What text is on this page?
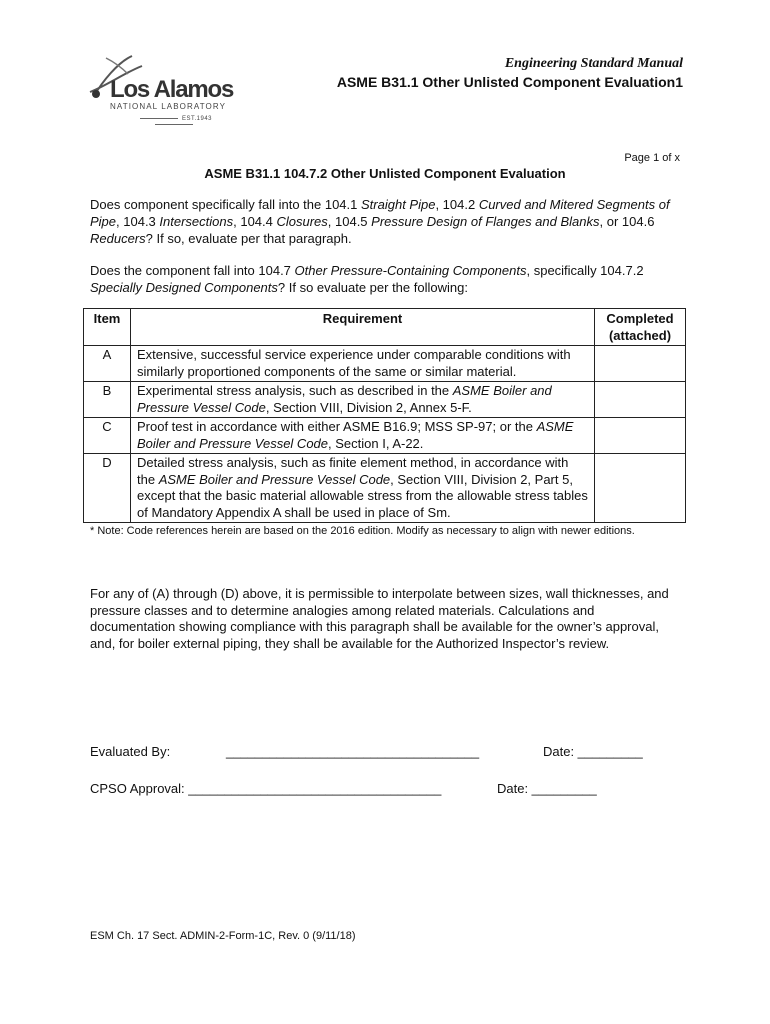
Los Alamos
NATIONAL LABORATORY
EST.1943
Engineering Standard Manual
ASME B31.1 Other Unlisted Component Evaluation1
Page 1 of x
ASME B31.1 104.7.2 Other Unlisted Component Evaluation
Does component specifically fall into the 104.1 Straight Pipe, 104.2 Curved and Mitered Segments of Pipe, 104.3 Intersections, 104.4 Closures, 104.5 Pressure Design of Flanges and Blanks, or 104.6 Reducers? If so, evaluate per that paragraph.
Does the component fall into 104.7 Other Pressure-Containing Components, specifically 104.7.2 Specially Designed Components? If so evaluate per the following:
Item	Requirement	Completed (attached)
A	Extensive, successful service experience under comparable conditions with similarly proportioned components of the same or similar material.	
B	Experimental stress analysis, such as described in the ASME Boiler and Pressure Vessel Code, Section VIII, Division 2, Annex 5-F.	
C	Proof test in accordance with either ASME B16.9; MSS SP-97; or the ASME Boiler and Pressure Vessel Code, Section I, A-22.	
D	Detailed stress analysis, such as finite element method, in accordance with the ASME Boiler and Pressure Vessel Code, Section VIII, Division 2, Part 5, except that the basic material allowable stress from the allowable stress tables of Mandatory Appendix A shall be used in place of Sm.	
* Note: Code references herein are based on the 2016 edition. Modify as necessary to align with newer editions.
For any of (A) through (D) above, it is permissible to interpolate between sizes, wall thicknesses, and pressure classes and to determine analogies among related materials. Calculations and documentation showing compliance with this paragraph shall be available for the owner’s approval, and, for boiler external piping, they shall be available for the Authorized Inspector’s review.
Evaluated By:	___________________________________	Date: _________
CPSO Approval: ___________________________________	Date: _________
ESM Ch. 17 Sect. ADMIN-2-Form-1C, Rev. 0 (9/11/18)
